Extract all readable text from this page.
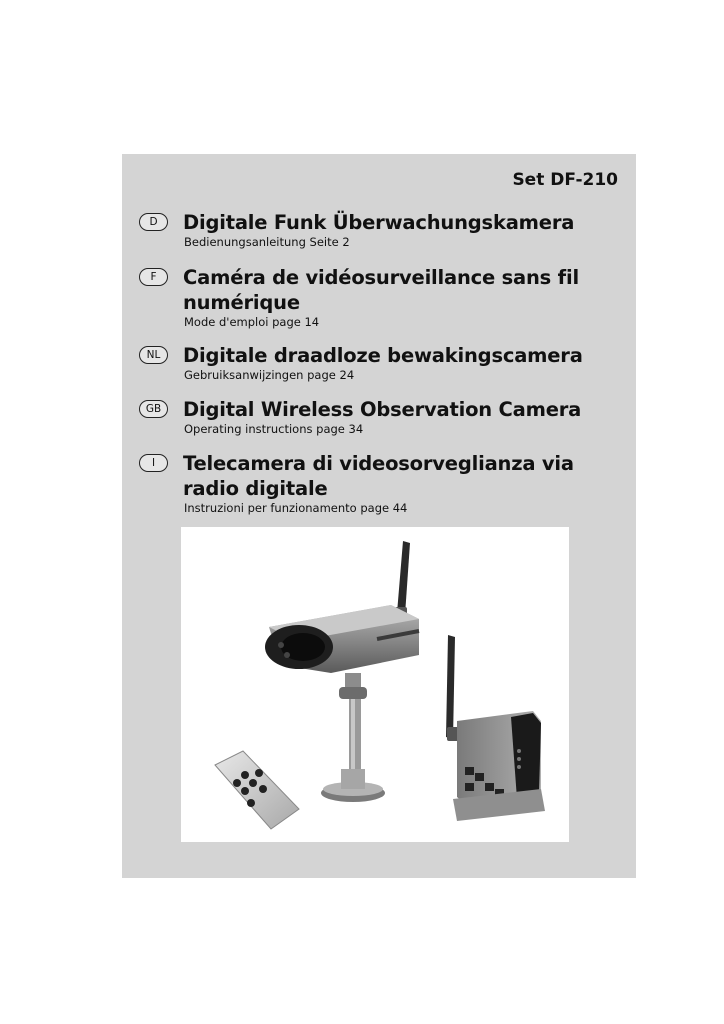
Set DF-210
D	Digitale Funk Überwachungskamera
Bedienungsanleitung Seite 2
F	Caméra de vidéosurveillance sans fil numérique
Mode d'emploi page 14
NL	Digitale draadloze bewakingscamera
Gebruiksanwijzingen page 24
GB	Digital Wireless Observation Camera
Operating instructions page 34
I	Telecamera di videosorveglianza via radio digitale
Instruzioni per funzionamento page 44
